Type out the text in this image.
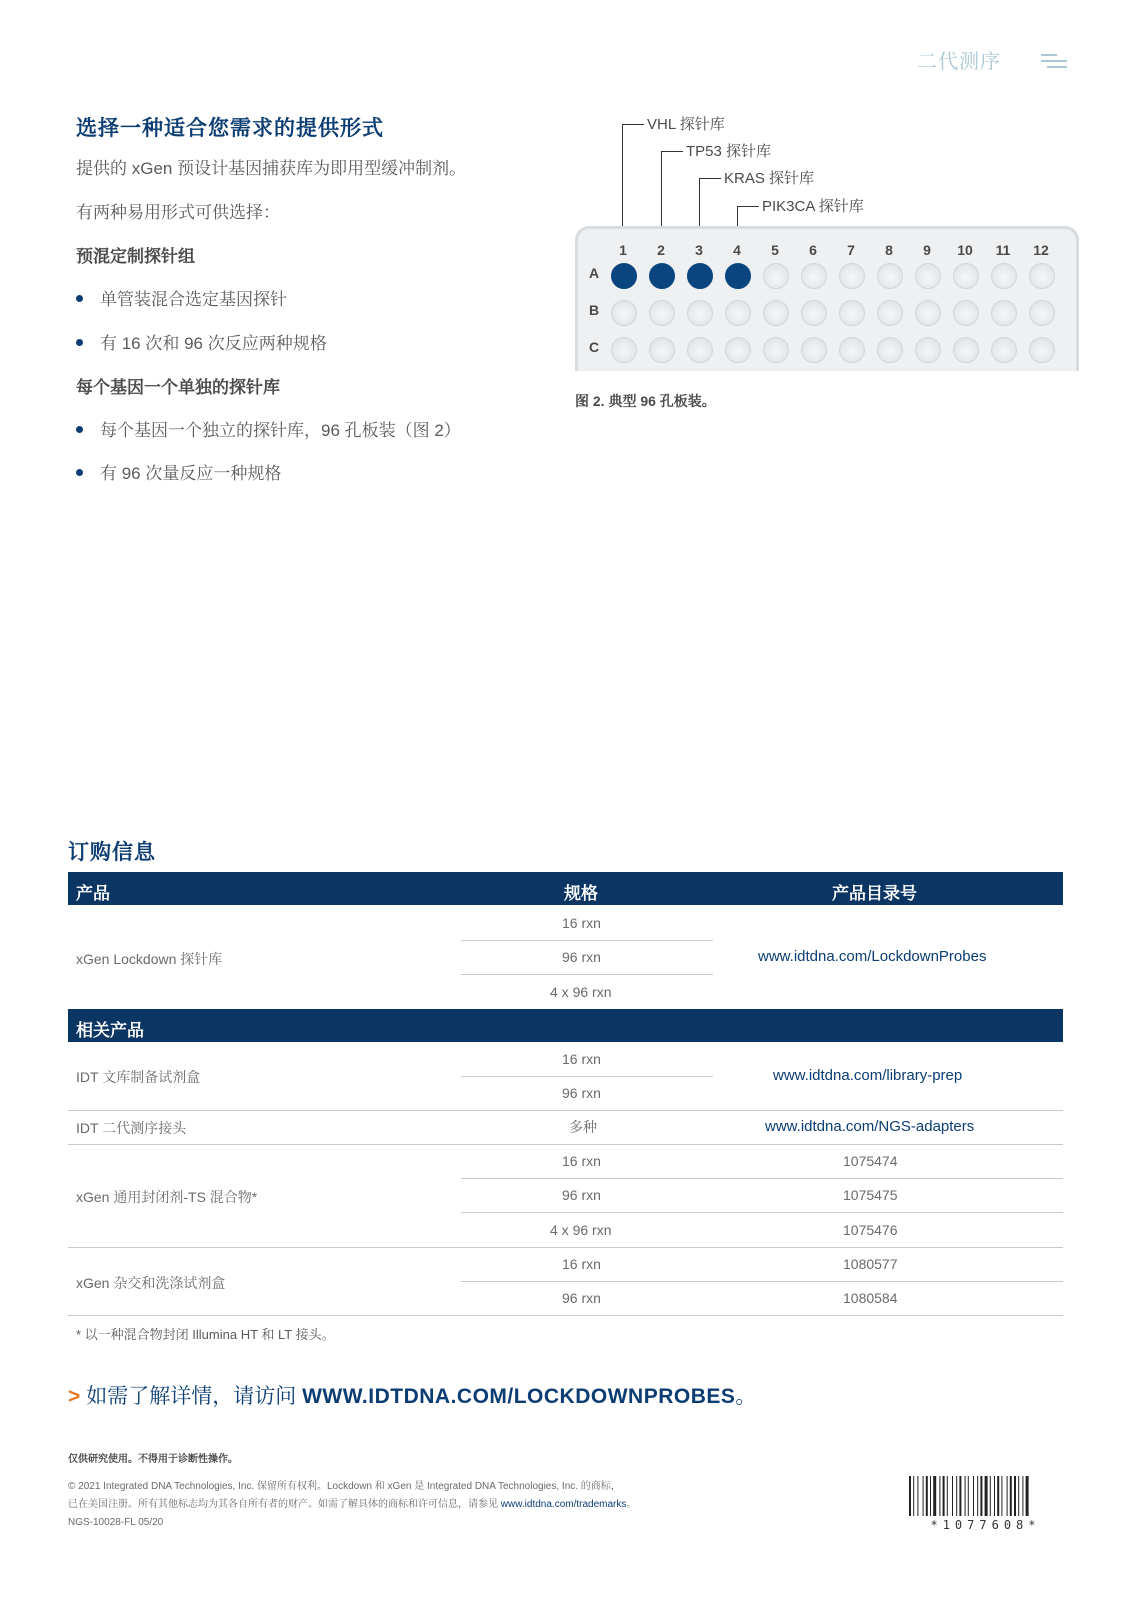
二代测序
选择一种适合您需求的提供形式
提供的 xGen 预设计基因捕获库为即用型缓冲制剂。
有两种易用形式可供选择：
预混定制探针组
单管装混合选定基因探针
有 16 次和 96 次反应两种规格
每个基因一个单独的探针库
每个基因一个独立的探针库，96 孔板装（图 2）
有 96 次量反应一种规格
VHL 探针库
TP53 探针库
KRAS 探针库
PIK3CA 探针库
1	2	3	4	5	6	7	8	9	10	11	12
A
B
C
图 2. 典型 96 孔板装。
订购信息
产品	规格	产品目录号
xGen Lockdown 探针库
16 rxn
96 rxn
4 x 96 rxn
www.idtdna.com/LockdownProbes
相关产品
IDT 文库制备试剂盒
16 rxn
96 rxn
www.idtdna.com/library-prep
IDT 二代测序接头	多种	www.idtdna.com/NGS-adapters
xGen 通用封闭剂-TS 混合物*
16 rxn	1075474
96 rxn	1075475
4 x 96 rxn	1075476
xGen 杂交和洗涤试剂盒
16 rxn	1080577
96 rxn	1080584
* 以一种混合物封闭 Illumina HT 和 LT 接头。
> 如需了解详情，请访问 WWW.IDTDNA.COM/LOCKDOWNPROBES。
仅供研究使用。不得用于诊断性操作。
© 2021 Integrated DNA Technologies, Inc. 保留所有权利。Lockdown 和 xGen 是 Integrated DNA Technologies, Inc. 的商标，
已在美国注册。所有其他标志均为其各自所有者的财产。如需了解具体的商标和许可信息，请参见 www.idtdna.com/trademarks。
NGS-10028-FL 05/20	*1077608*
